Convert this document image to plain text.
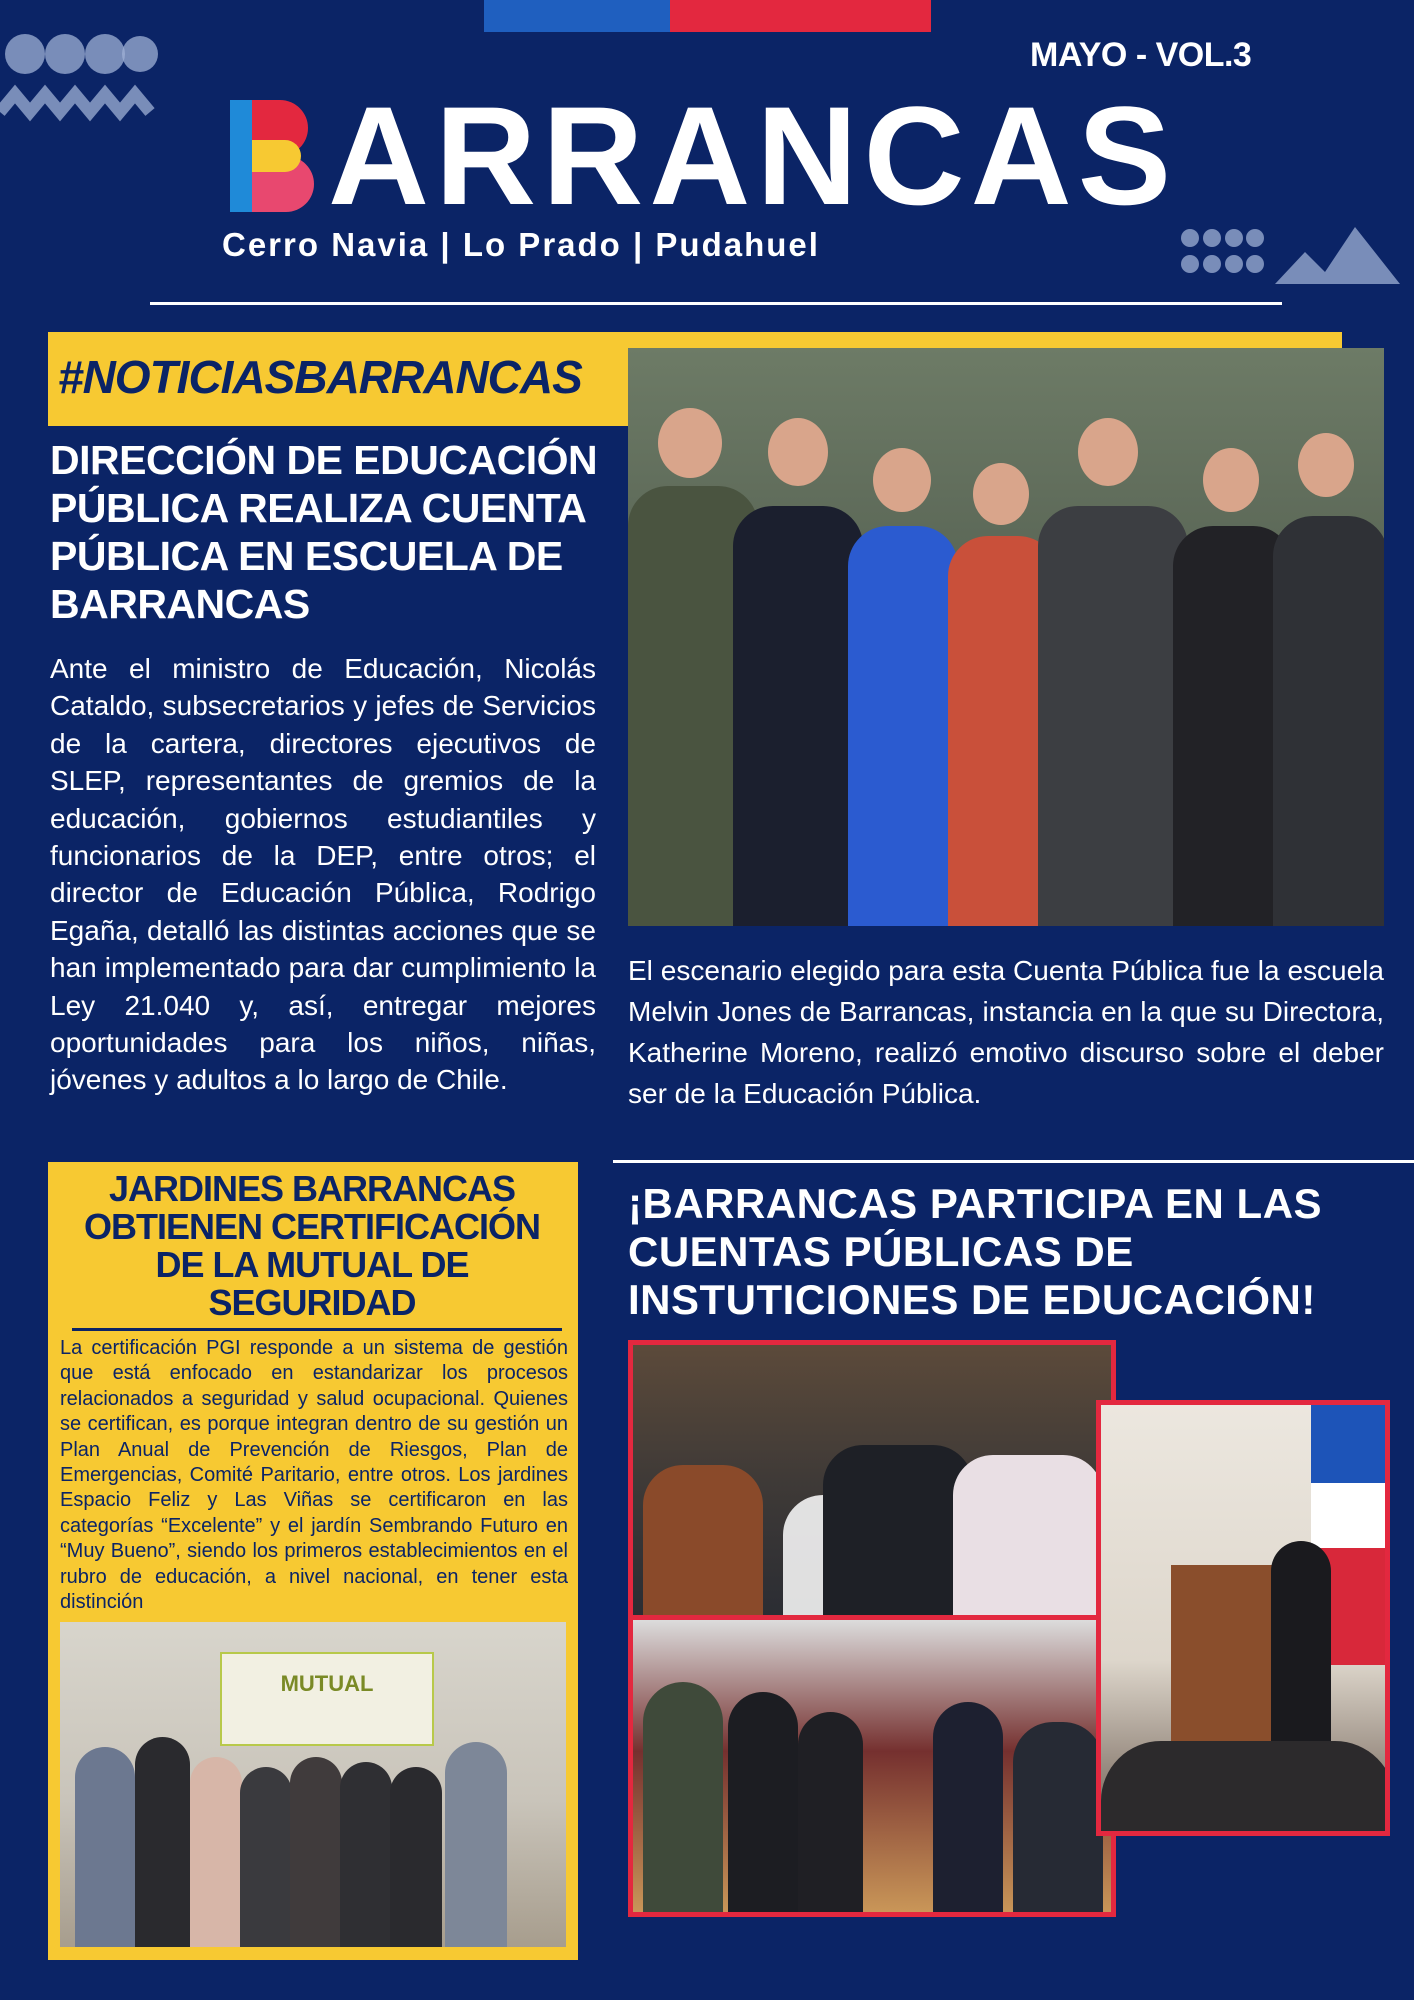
MAYO - VOL.3
ARRANCAS
Cerro Navia | Lo Prado | Pudahuel
#NOTICIASBARRANCAS
DIRECCIÓN DE EDUCACIÓN PÚBLICA REALIZA CUENTA PÚBLICA EN ESCUELA DE BARRANCAS
Ante el ministro de Educación, Nicolás Cataldo, subsecretarios y jefes de Servicios de la cartera, directores ejecutivos de SLEP, representantes de gremios de la educación, gobiernos estudiantiles y funcionarios de la DEP, entre otros; el director de Educación Pública, Rodrigo Egaña, detalló las distintas acciones que se han implementado para dar cumplimiento la Ley 21.040 y, así, entregar mejores oportunidades para los niños, niñas, jóvenes y adultos a lo largo de Chile.
El escenario elegido para esta Cuenta Pública fue la escuela Melvin Jones de Barrancas, instancia en la que su Directora, Katherine Moreno, realizó emotivo discurso sobre el deber ser de la Educación Pública.
JARDINES BARRANCAS OBTIENEN CERTIFICACIÓN DE LA MUTUAL DE SEGURIDAD
La certificación PGI responde a un sistema de gestión que está enfocado en estandarizar los procesos relacionados a seguridad y salud ocupacional. Quienes se certifican, es porque integran dentro de su gestión un Plan Anual de Prevención de Riesgos, Plan de Emergencias, Comité Paritario, entre otros. Los jardines Espacio Feliz y Las Viñas se certificaron en las categorías “Excelente” y el jardín Sembrando Futuro en “Muy Bueno”, siendo los primeros establecimientos en el rubro de educación, a nivel nacional, en tener esta distinción
MUTUAL
¡BARRANCAS PARTICIPA EN LAS CUENTAS PÚBLICAS DE INSTUTICIONES DE EDUCACIÓN!
